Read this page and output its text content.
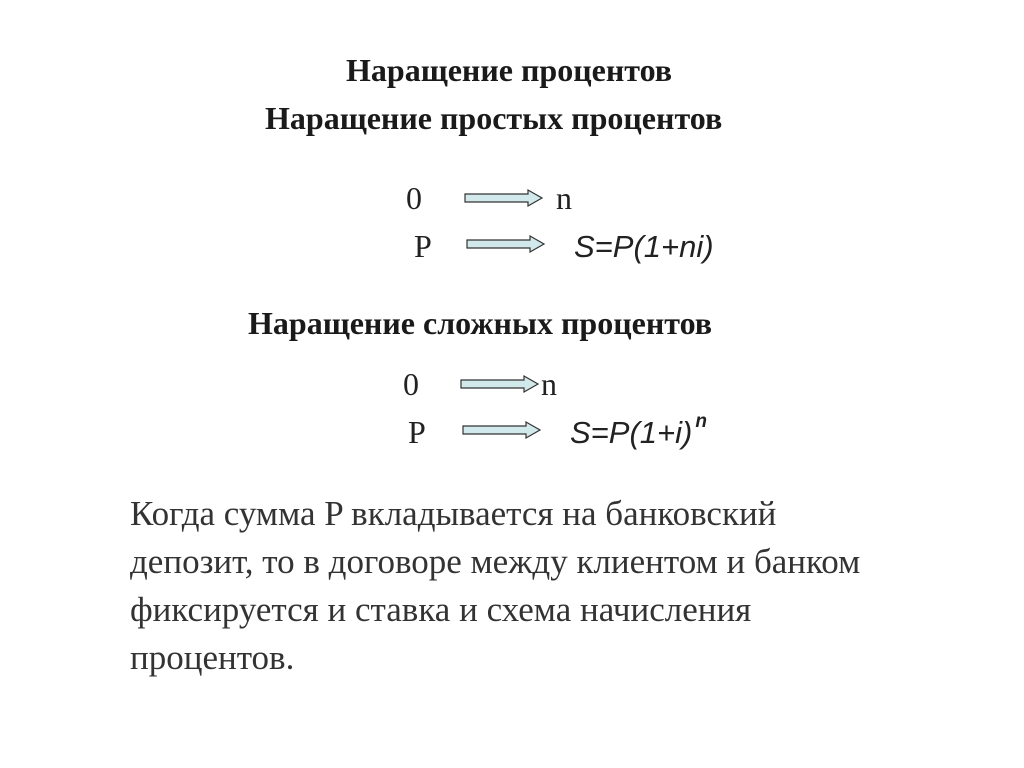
Наращение процентов
Наращение простых процентов
0	n
P	S=P(1+ni)
Наращение сложных процентов
0	n
P	S=P(1+i) $^n$
Когда сумма P вкладывается на банковский
депозит, то в договоре между клиентом и банком
фиксируется и ставка и схема начисления
процентов.
